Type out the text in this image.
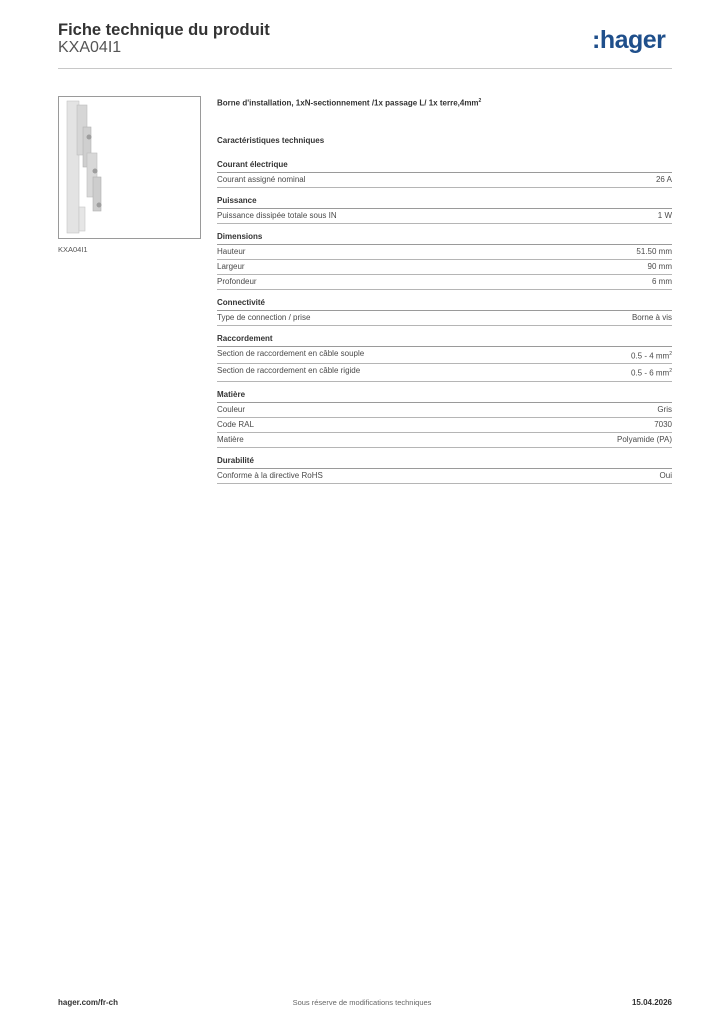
Fiche technique du produit
KXA04I1	:hager
KXA04I1

Borne d'installation, 1xN-sectionnement /1x passage L/ 1x $terre,4mm^2$

Caractéristiques techniques
Courant électrique
Courant assigné nominal	26 A
Puissance
Puissance dissipée totale sous IN	1 W
Dimensions
Hauteur	51.50 mm
Largeur	90 mm
Profondeur	6 mm
Connectivité
Type de connection / prise	Borne à vis
Raccordement
Section de raccordement en câble souple	0.5 - 4 $mm^2$
Section de raccordement en câble rigide	0.5 - 6 $mm^2$
Matière
Couleur	Gris
Code RAL	7030
Matière	Polyamide (PA)
Durabilité
Conforme à la directive RoHS	Oui
hager.com/fr-ch	Sous réserve de modifications techniques	15.04.2026
